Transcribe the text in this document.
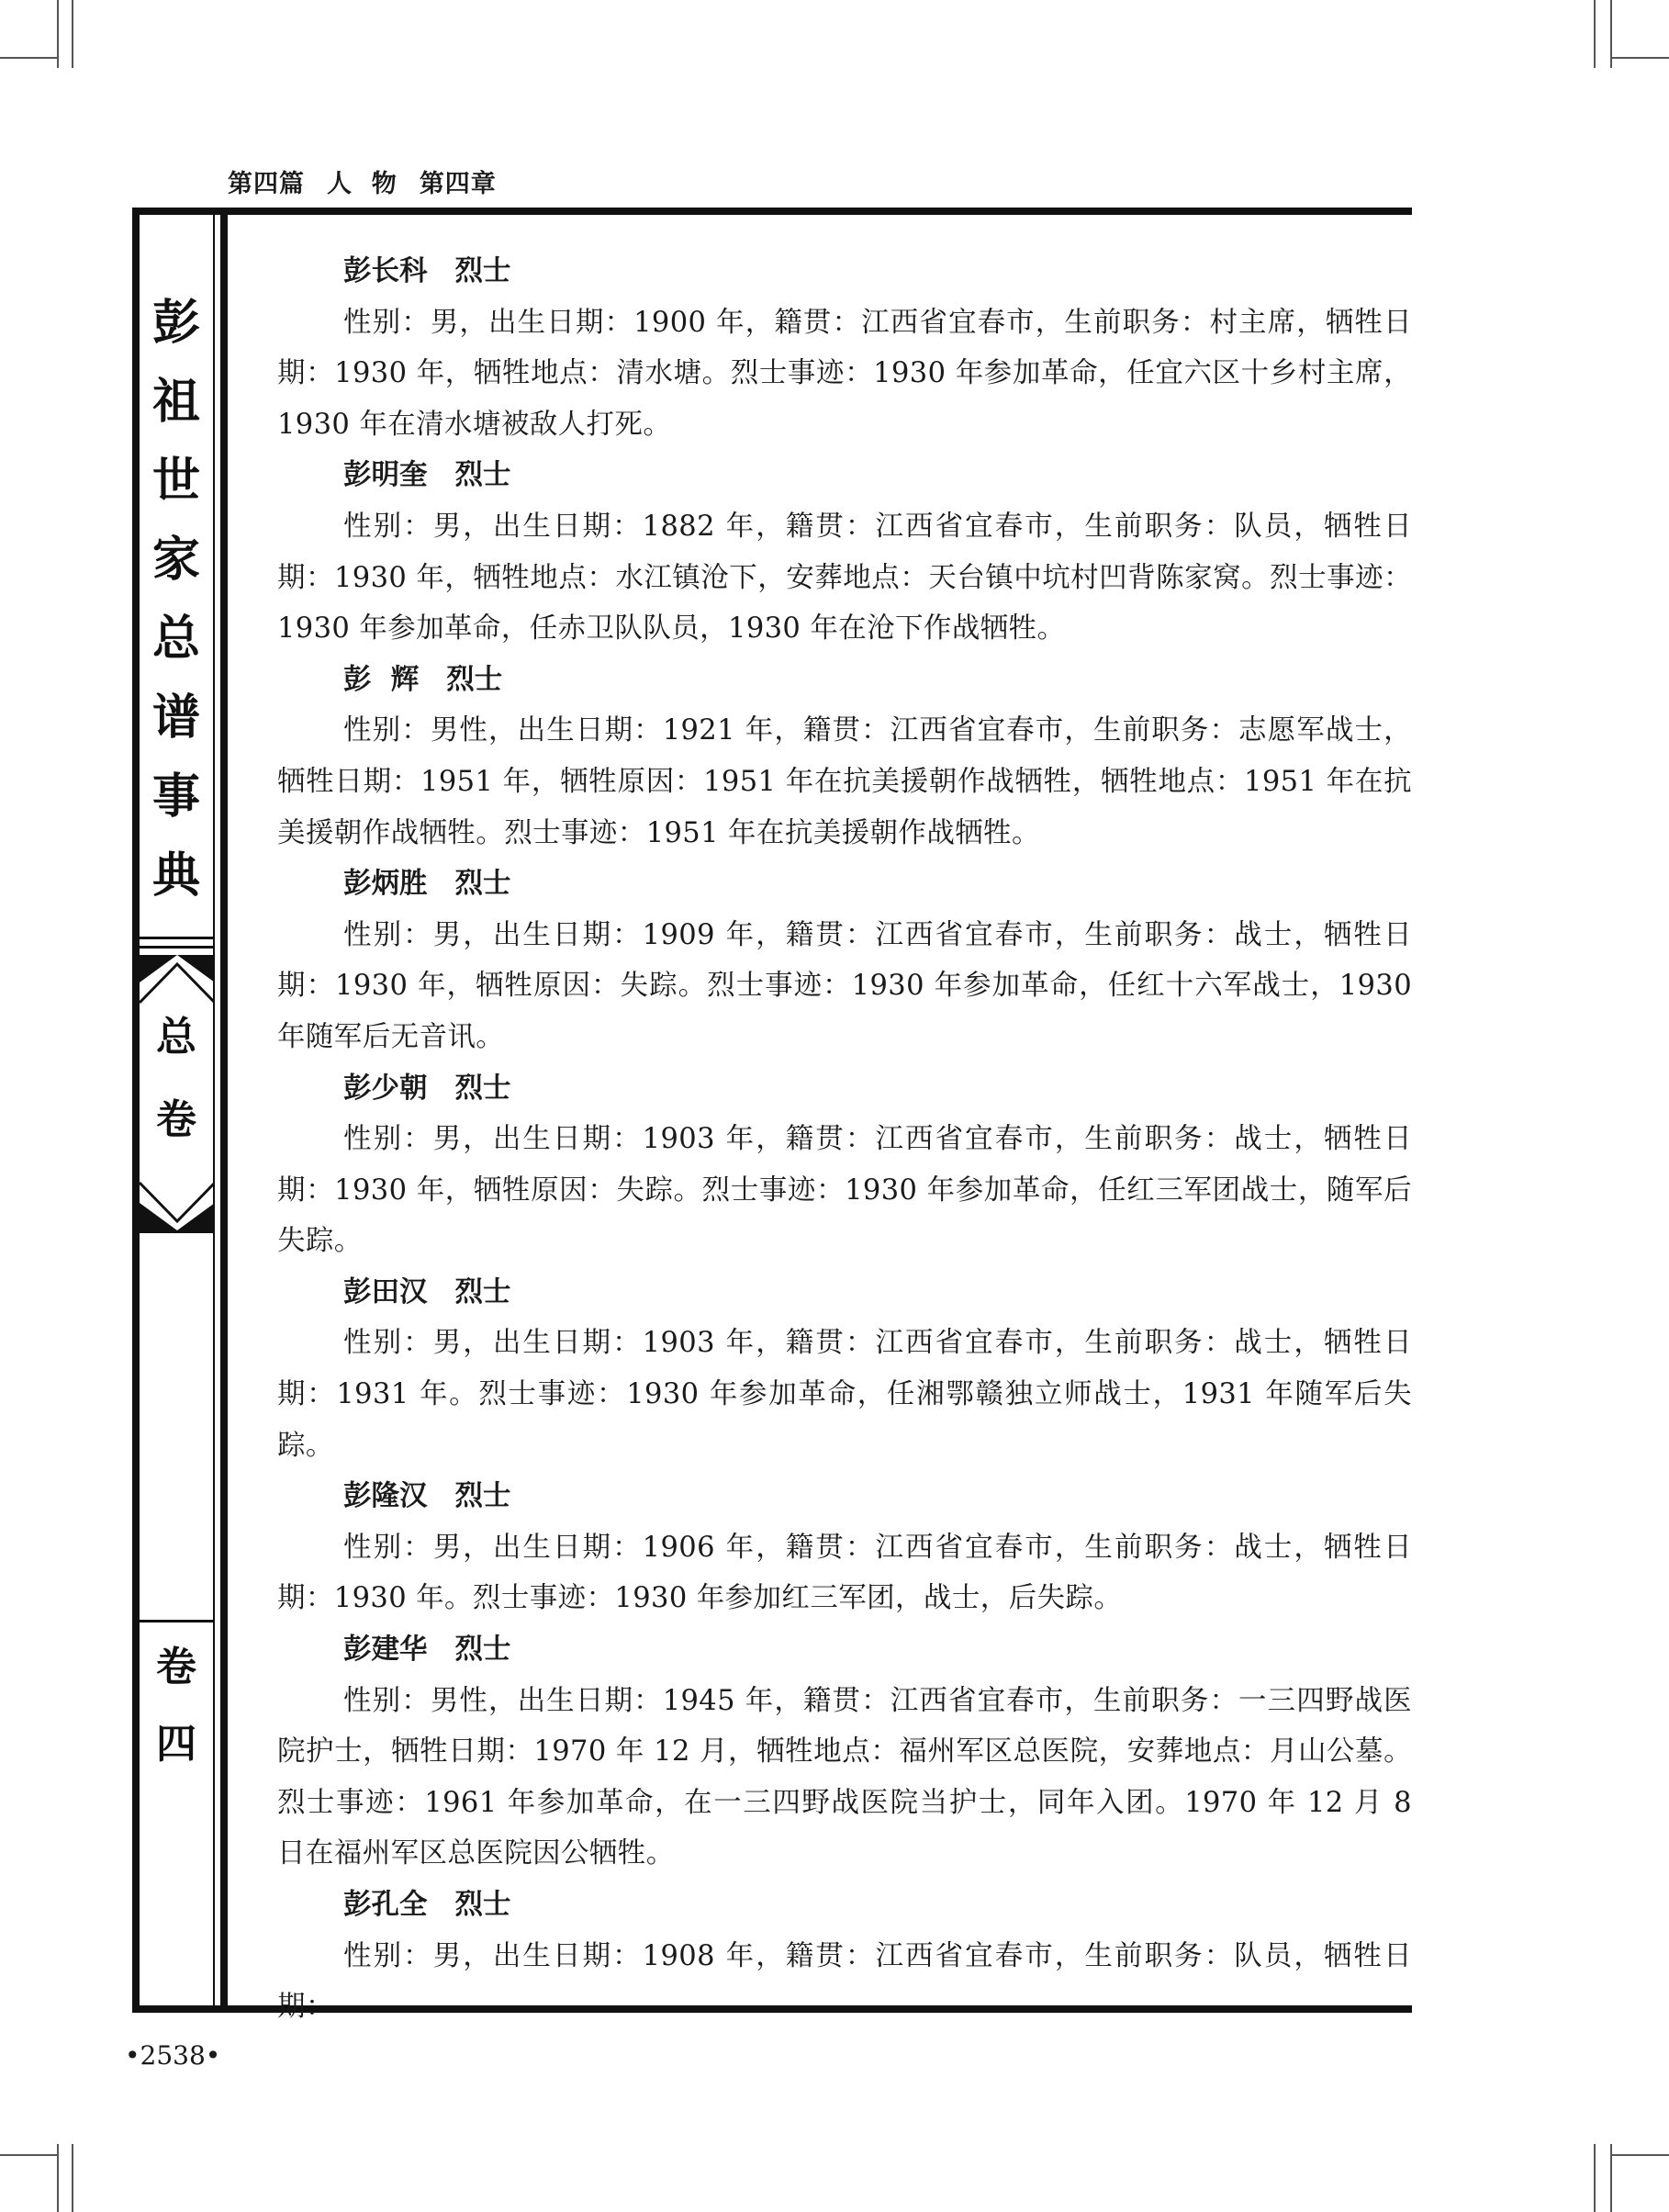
第四篇 人  物 第四章
彭
祖
世
家
总
谱
事
典
总
卷
卷
四
彭长科 烈士
性别：男，出生日期：1900 年，籍贯：江西省宜春市，生前职务：村主席，牺牲日期：1930 年，牺牲地点：清水塘。烈士事迹：1930 年参加革命，任宜六区十乡村主席，1930 年在清水塘被敌人打死。
彭明奎 烈士
性别：男，出生日期：1882 年，籍贯：江西省宜春市，生前职务：队员，牺牲日期：1930 年，牺牲地点：水江镇沧下，安葬地点：天台镇中坑村凹背陈家窝。烈士事迹：1930 年参加革命，任赤卫队队员，1930 年在沧下作战牺牲。
彭  辉 烈士
性别：男性，出生日期：1921 年，籍贯：江西省宜春市，生前职务：志愿军战士，牺牲日期：1951 年，牺牲原因：1951 年在抗美援朝作战牺牲，牺牲地点：1951 年在抗美援朝作战牺牲。烈士事迹：1951 年在抗美援朝作战牺牲。
彭炳胜 烈士
性别：男，出生日期：1909 年，籍贯：江西省宜春市，生前职务：战士，牺牲日期：1930 年，牺牲原因：失踪。烈士事迹：1930 年参加革命，任红十六军战士，1930 年随军后无音讯。
彭少朝 烈士
性别：男，出生日期：1903 年，籍贯：江西省宜春市，生前职务：战士，牺牲日期：1930 年，牺牲原因：失踪。烈士事迹：1930 年参加革命，任红三军团战士，随军后失踪。
彭田汉 烈士
性别：男，出生日期：1903 年，籍贯：江西省宜春市，生前职务：战士，牺牲日期：1931 年。烈士事迹：1930 年参加革命，任湘鄂赣独立师战士，1931 年随军后失踪。
彭隆汉 烈士
性别：男，出生日期：1906 年，籍贯：江西省宜春市，生前职务：战士，牺牲日期：1930 年。烈士事迹：1930 年参加红三军团，战士，后失踪。
彭建华 烈士
性别：男性，出生日期：1945 年，籍贯：江西省宜春市，生前职务：一三四野战医院护士，牺牲日期：1970 年 12 月，牺牲地点：福州军区总医院，安葬地点：月山公墓。烈士事迹：1961 年参加革命，在一三四野战医院当护士，同年入团。1970 年 12 月 8 日在福州军区总医院因公牺牲。
彭孔全 烈士
性别：男，出生日期：1908 年，籍贯：江西省宜春市，生前职务：队员，牺牲日期：
•2538•
